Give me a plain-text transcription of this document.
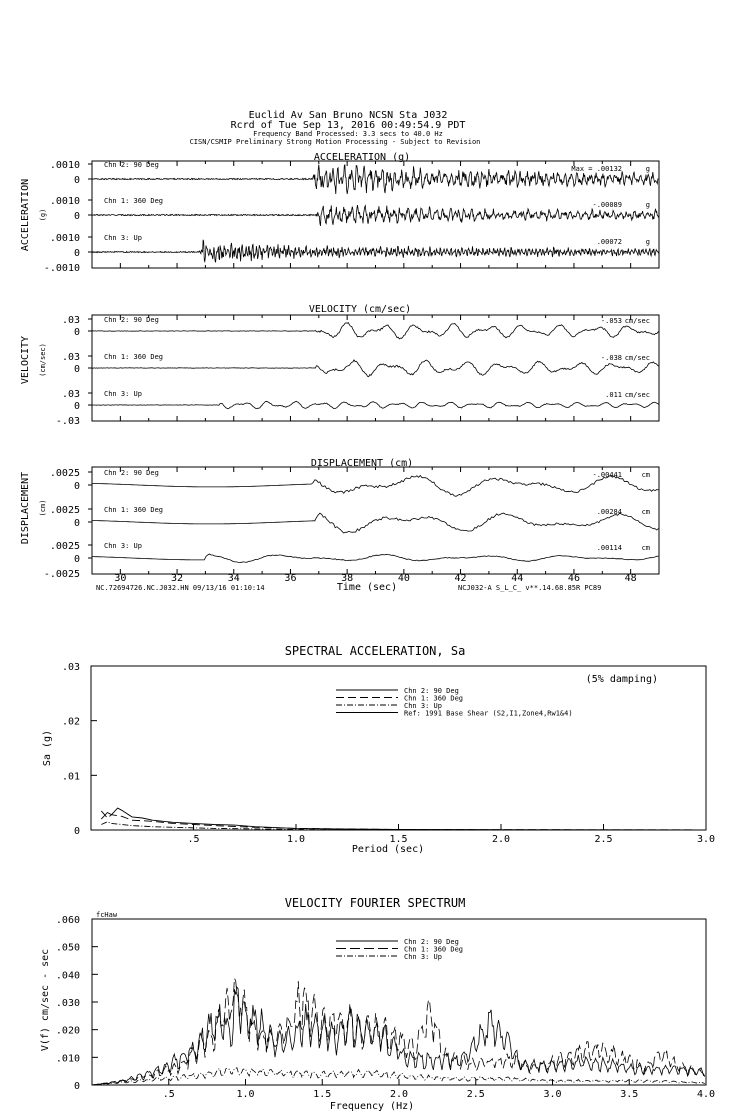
Euclid Av San Bruno NCSN Sta J032
Rcrd of Tue Sep 13, 2016 00:49:54.9 PDT
Frequency Band Processed: 3.3 secs to 40.0 Hz
CISN/CSMIP Preliminary Strong Motion Processing - Subject to Revision
ACCELERATION (g)
ACCELERATION (g)
.0010
0
Chn 2: 90 Deg	Max = .00132	g
.0010
0
Chn 1: 360 Deg	-.00089	g
.0010
0
Chn 3: Up	.00072	g
-.0010
VELOCITY (cm/sec)
VELOCITY (cm/sec)
.03
0
Chn 2: 90 Deg	-.053 cm/sec
.03
0
Chn 1: 360 Deg	-.038 cm/sec
.03
0
Chn 3: Up	.011 cm/sec
-.03
DISPLACEMENT (cm)
DISPLACEMENT (cm)
.0025
0
Chn 2: 90 Deg	-.00441	cm
.0025
0
Chn 1: 360 Deg	.00284	cm
.0025
0
Chn 3: Up	.00114	cm
-.0025	30	32	34	36	38	40	42	44	46	48
Time (sec)
NC.72694726.NC.J032.HN 09/13/16 01:10:14	NCJ032-A S_L_C_ v**.14.68.85R PC89
SPECTRAL ACCELERATION, Sa
.03
.02
.01
0
.5	1.0	1.5	2.0	2.5	3.0
Period (sec)
Sa (g)
(5% damping)
Chn 2: 90 Deg
Chn 1: 360 Deg
Chn 3: Up
Ref: 1991 Base Shear (S2,I1,Zone4,Rw1&4)
VELOCITY FOURIER SPECTRUM
fcHaw
.060
.050
.040
.030
.020
.010
0
.5	1.0	1.5	2.0	2.5	3.0	3.5	4.0
Frequency (Hz)
V(f) cm/sec - sec
Chn 2: 90 Deg
Chn 1: 360 Deg
Chn 3: Up
